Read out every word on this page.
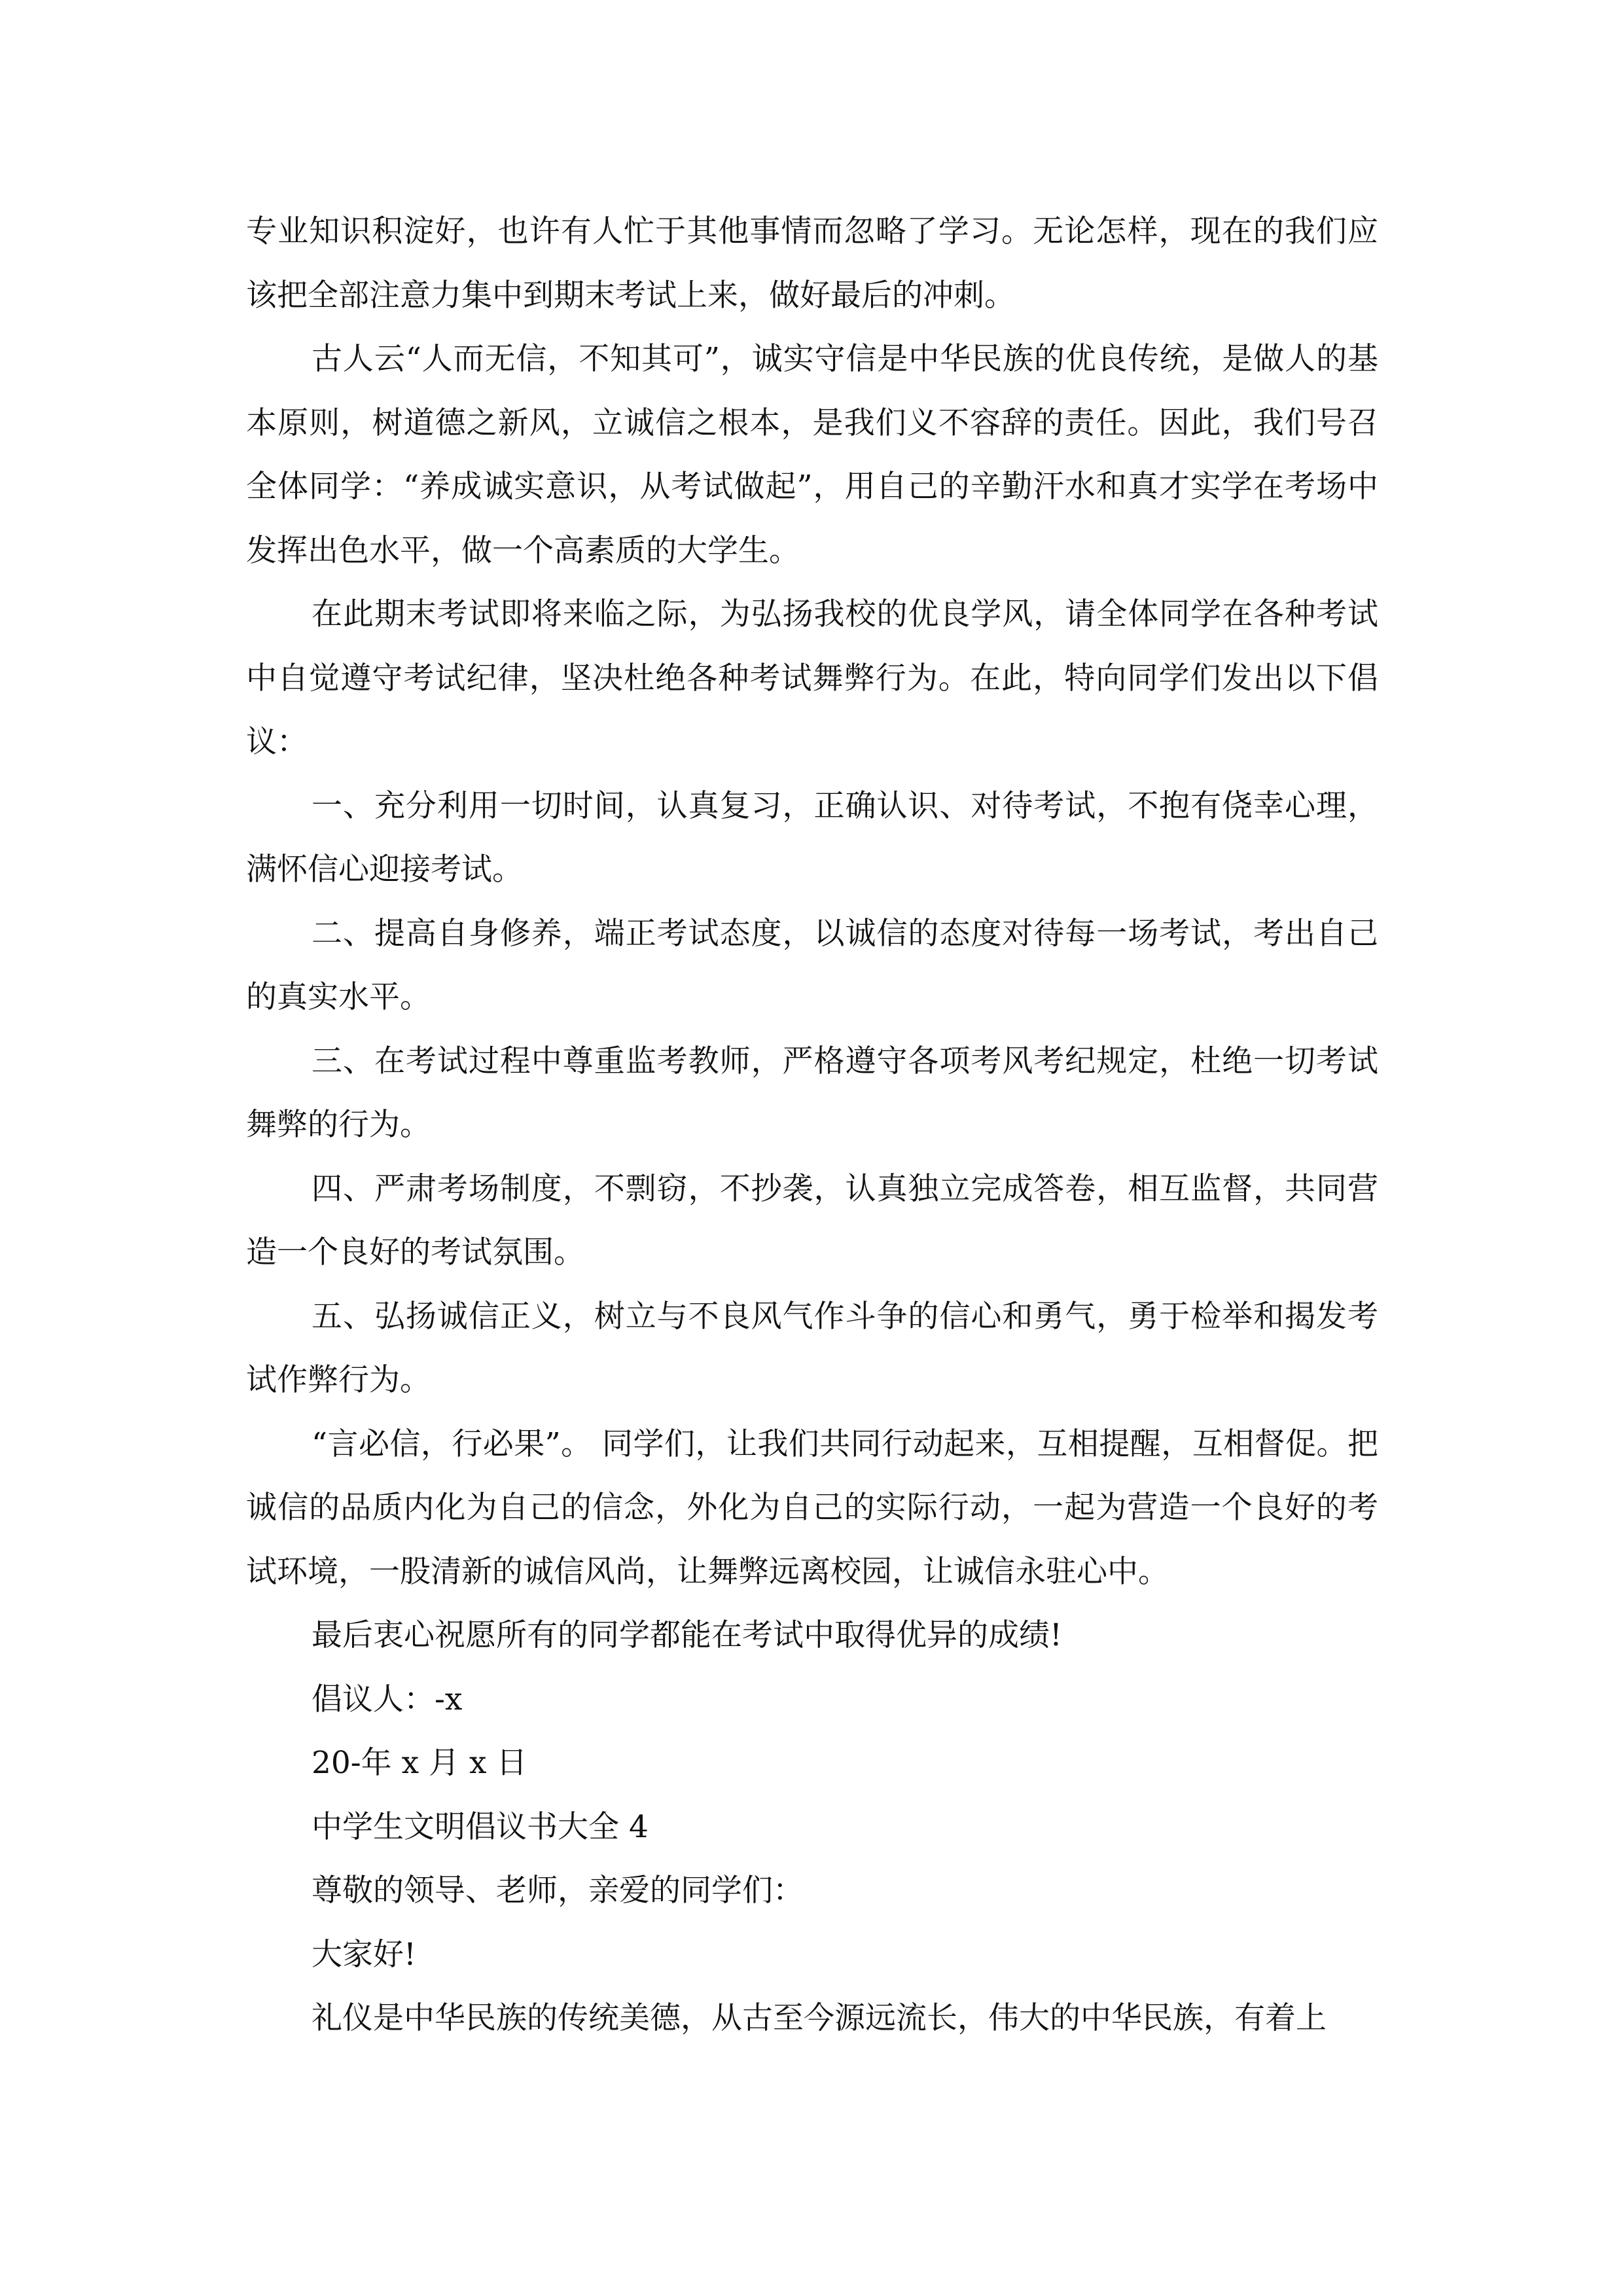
专业知识积淀好，也许有人忙于其他事情而忽略了学习。无论怎样，现在的我们应该把全部注意力集中到期末考试上来，做好最后的冲刺。

古人云“人而无信，不知其可”，诚实守信是中华民族的优良传统，是做人的基本原则，树道德之新风，立诚信之根本，是我们义不容辞的责任。因此，我们号召全体同学：“养成诚实意识，从考试做起”，用自己的辛勤汗水和真才实学在考场中发挥出色水平，做一个高素质的大学生。

在此期末考试即将来临之际，为弘扬我校的优良学风，请全体同学在各种考试中自觉遵守考试纪律，坚决杜绝各种考试舞弊行为。在此，特向同学们发出以下倡议：

一、充分利用一切时间，认真复习，正确认识、对待考试，不抱有侥幸心理，满怀信心迎接考试。

二、提高自身修养，端正考试态度，以诚信的态度对待每一场考试，考出自己的真实水平。

三、在考试过程中尊重监考教师，严格遵守各项考风考纪规定，杜绝一切考试舞弊的行为。

四、严肃考场制度，不剽窃，不抄袭，认真独立完成答卷，相互监督，共同营造一个良好的考试氛围。

五、弘扬诚信正义，树立与不良风气作斗争的信心和勇气，勇于检举和揭发考试作弊行为。

“言必信，行必果”。 同学们，让我们共同行动起来，互相提醒，互相督促。把诚信的品质内化为自己的信念，外化为自己的实际行动，一起为营造一个良好的考试环境，一股清新的诚信风尚，让舞弊远离校园，让诚信永驻心中。

最后衷心祝愿所有的同学都能在考试中取得优异的成绩!

倡议人：-x

20-年 x 月 x 日

中学生文明倡议书大全 4

尊敬的领导、老师，亲爱的同学们：

大家好!

礼仪是中华民族的传统美德，从古至今源远流长，伟大的中华民族，有着上
